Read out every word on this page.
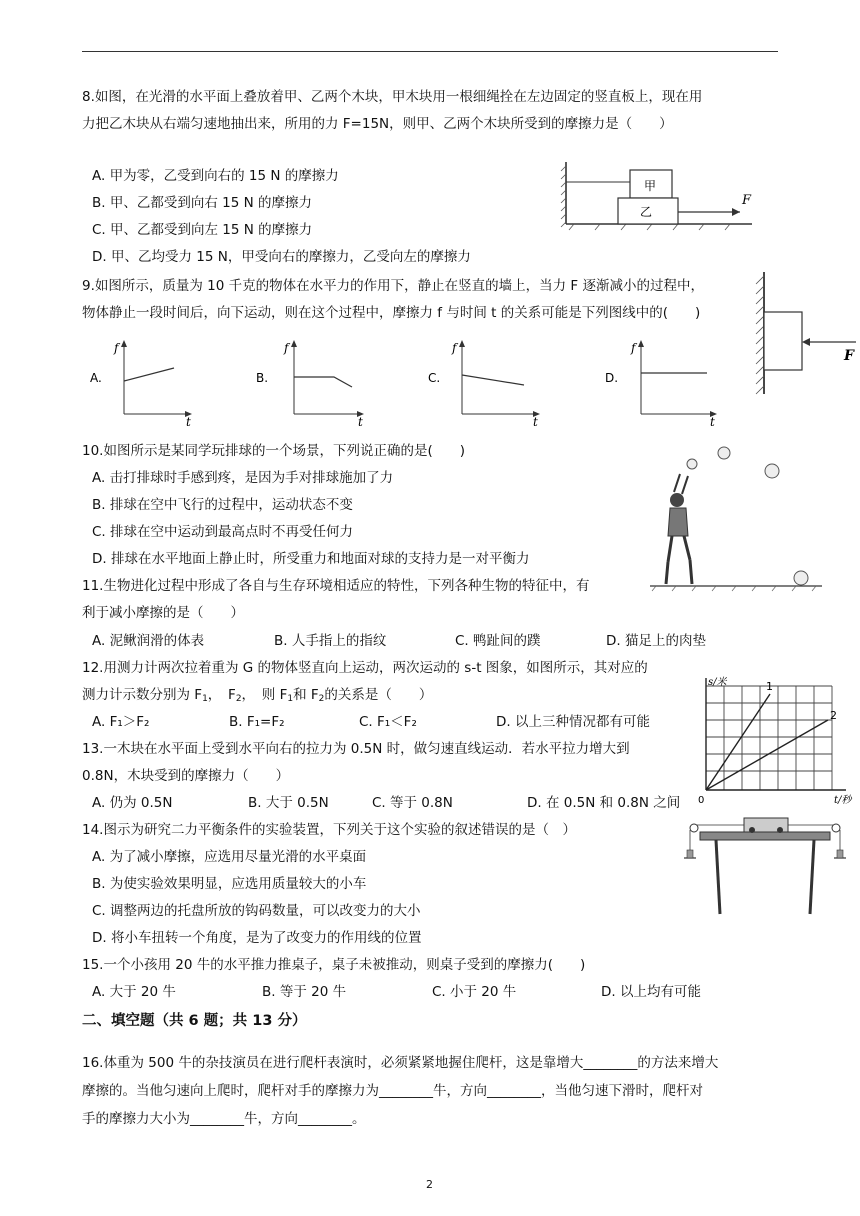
8.如图，在光滑的水平面上叠放着甲、乙两个木块，甲木块用一根细绳拴在左边固定的竖直板上，现在用
力把乙木块从右端匀速地抽出来，所用的力 F=15N，则甲、乙两个木块所受到的摩擦力是（　　）
A. 甲为零，乙受到向右的 15 N 的摩擦力
B. 甲、乙都受到向右 15 N 的摩擦力
C. 甲、乙都受到向左 15 N 的摩擦力
D. 甲、乙均受力 15 N，甲受向右的摩擦力，乙受向左的摩擦力
甲
乙
F
9.如图所示，质量为 10 千克的物体在水平力的作用下，静止在竖直的墙上，当力 F 逐渐减小的过程中，
物体静止一段时间后，向下运动，则在这个过程中，摩擦力 f 与时间 t 的关系可能是下列图线中的(　　)
A.
f
t
B.
f
t
C.
f
t
D.
f
t
F
10.如图所示是某同学玩排球的一个场景，下列说正确的是(　　)
A. 击打排球时手感到疼，是因为手对排球施加了力
B. 排球在空中飞行的过程中，运动状态不变
C. 排球在空中运动到最高点时不再受任何力
D. 排球在水平地面上静止时，所受重力和地面对球的支持力是一对平衡力
11.生物进化过程中形成了各自与生存环境相适应的特性，下列各种生物的特征中，有
利于减小摩擦的是（　　）
A. 泥鳅润滑的体表	B. 人手指上的指纹	C. 鸭趾间的蹼	D. 猫足上的肉垫
12.用测力计两次拉着重为 G 的物体竖直向上运动，两次运动的 s-t 图象，如图所示，其对应的
测力计示数分别为 $F_1$，　$F_2$，　则 $F_1$和 $F_2$的关系是（　　）
A. F₁＞F₂	B. F₁=F₂	C. F₁＜F₂	D. 以上三种情况都有可能
s/米
t/秒
0
1
2
13.一木块在水平面上受到水平向右的拉力为 0.5N 时，做匀速直线运动．若水平拉力增大到
0.8N，木块受到的摩擦力（　　）
A. 仍为 0.5N	B. 大于 0.5N	C. 等于 0.8N	D. 在 0.5N 和 0.8N 之间
14.图示为研究二力平衡条件的实验装置，下列关于这个实验的叙述错误的是（　）
A. 为了减小摩擦，应选用尽量光滑的水平桌面
B. 为使实验效果明显，应选用质量较大的小车
C. 调整两边的托盘所放的钩码数量，可以改变力的大小
D. 将小车扭转一个角度，是为了改变力的作用线的位置
15.一个小孩用 20 牛的水平推力推桌子，桌子未被推动，则桌子受到的摩擦力(　　)
A. 大于 20 牛	B. 等于 20 牛	C. 小于 20 牛	D. 以上均有可能
二、填空题（共 6 题；共 13 分）
16.体重为 500 牛的杂技演员在进行爬杆表演时，必须紧紧地握住爬杆，这是靠增大________的方法来增大
摩擦的。当他匀速向上爬时，爬杆对手的摩擦力为________牛，方向________，当他匀速下滑时，爬杆对
手的摩擦力大小为________牛，方向________。
2
